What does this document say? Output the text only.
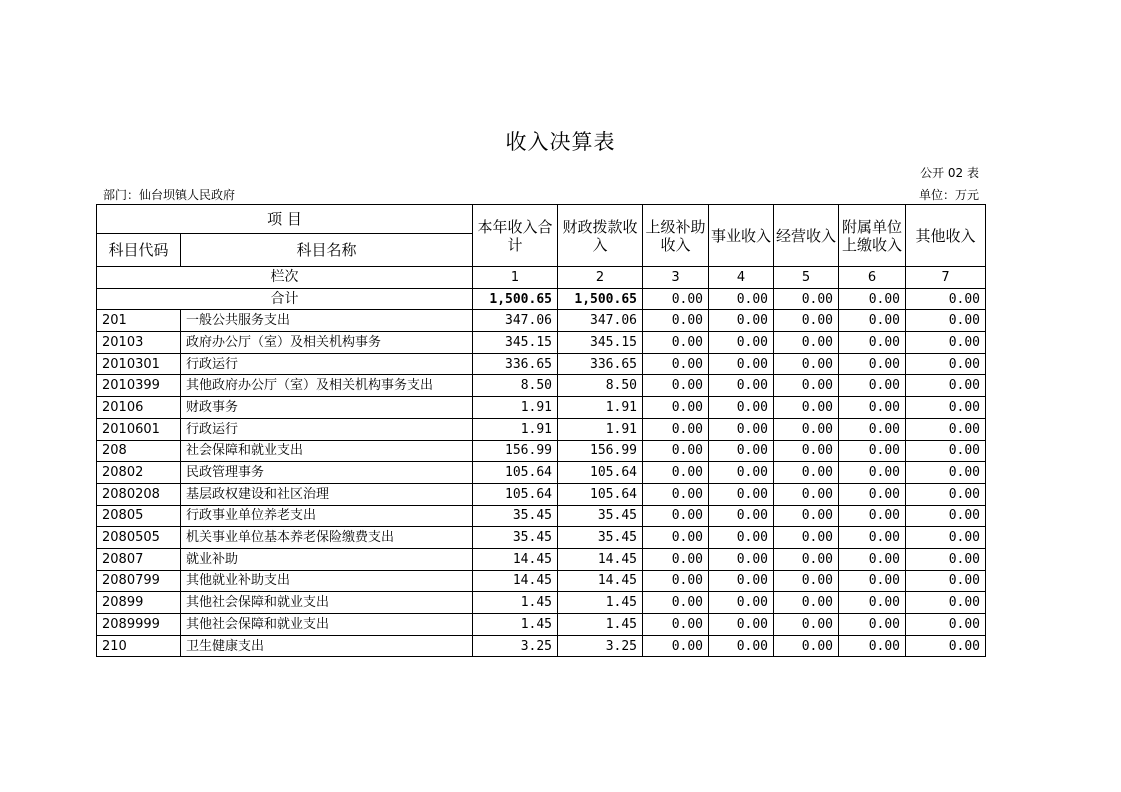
收入决算表
公开 02 表
部门：仙台坝镇人民政府	单位：万元
项 目		本年收入合计	财政拨款收入	上级补助收入	事业收入	经营收入	附属单位上缴收入	其他收入
科目代码	科目名称							
栏次		1	2	3	4	5	6	7
合计		1,500.65	1,500.65	0.00	0.00	0.00	0.00	0.00
201	一般公共服务支出	347.06	347.06	0.00	0.00	0.00	0.00	0.00
20103	政府办公厅（室）及相关机构事务	345.15	345.15	0.00	0.00	0.00	0.00	0.00
2010301	行政运行	336.65	336.65	0.00	0.00	0.00	0.00	0.00
2010399	其他政府办公厅（室）及相关机构事务支出	8.50	8.50	0.00	0.00	0.00	0.00	0.00
20106	财政事务	1.91	1.91	0.00	0.00	0.00	0.00	0.00
2010601	行政运行	1.91	1.91	0.00	0.00	0.00	0.00	0.00
208	社会保障和就业支出	156.99	156.99	0.00	0.00	0.00	0.00	0.00
20802	民政管理事务	105.64	105.64	0.00	0.00	0.00	0.00	0.00
2080208	基层政权建设和社区治理	105.64	105.64	0.00	0.00	0.00	0.00	0.00
20805	行政事业单位养老支出	35.45	35.45	0.00	0.00	0.00	0.00	0.00
2080505	机关事业单位基本养老保险缴费支出	35.45	35.45	0.00	0.00	0.00	0.00	0.00
20807	就业补助	14.45	14.45	0.00	0.00	0.00	0.00	0.00
2080799	其他就业补助支出	14.45	14.45	0.00	0.00	0.00	0.00	0.00
20899	其他社会保障和就业支出	1.45	1.45	0.00	0.00	0.00	0.00	0.00
2089999	其他社会保障和就业支出	1.45	1.45	0.00	0.00	0.00	0.00	0.00
210	卫生健康支出	3.25	3.25	0.00	0.00	0.00	0.00	0.00
